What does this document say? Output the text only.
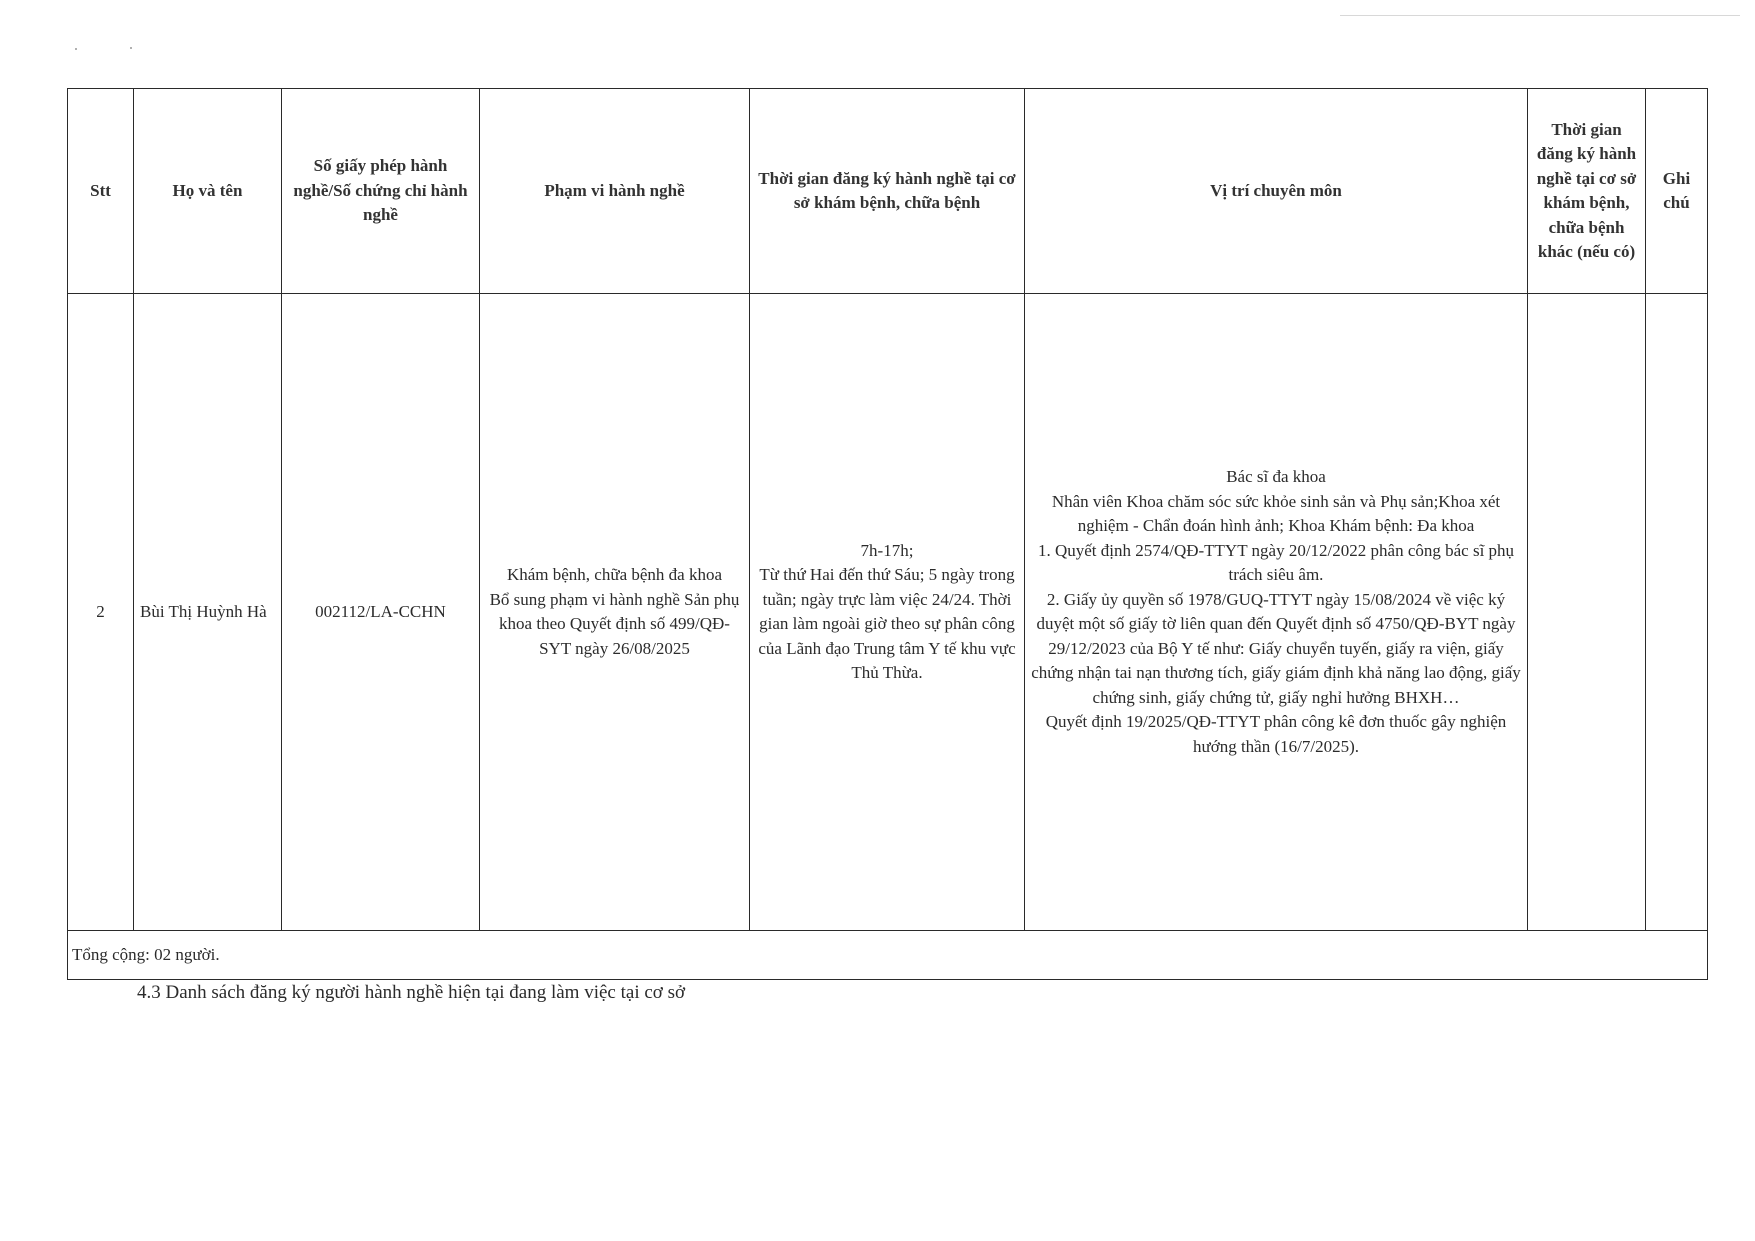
Stt	Họ và tên	Số giấy phép hành nghề/Số chứng chỉ hành nghề	Phạm vi hành nghề	Thời gian đăng ký hành nghề tại cơ sở khám bệnh, chữa bệnh	Vị trí chuyên môn	Thời gian đăng ký hành nghề tại cơ sở khám bệnh, chữa bệnh khác (nếu có)	Ghi chú
2	Bùi Thị Huỳnh Hà	002112/LA-CCHN	Khám bệnh, chữa bệnh đa khoa
Bổ sung phạm vi hành nghề Sản phụ khoa theo Quyết định số 499/QĐ-SYT ngày 26/08/2025	7h-17h;
Từ thứ Hai đến thứ Sáu; 5 ngày trong tuần; ngày trực làm việc 24/24. Thời gian làm ngoài giờ theo sự phân công của Lãnh đạo Trung tâm Y tế khu vực Thủ Thừa.	Bác sĩ đa khoa
Nhân viên Khoa chăm sóc sức khỏe sinh sản và Phụ sản;Khoa xét nghiệm - Chẩn đoán hình ảnh; Khoa Khám bệnh: Đa khoa
1. Quyết định 2574/QĐ-TTYT ngày 20/12/2022 phân công bác sĩ phụ trách siêu âm.
2. Giấy ủy quyền số 1978/GUQ-TTYT ngày 15/08/2024 về việc ký duyệt một số giấy tờ liên quan đến Quyết định số 4750/QĐ-BYT ngày 29/12/2023 của Bộ Y tế như: Giấy chuyển tuyến, giấy ra viện, giấy chứng nhận tai nạn thương tích, giấy giám định khả năng lao động, giấy chứng sinh, giấy chứng tử, giấy nghỉ hưởng BHXH…
Quyết định 19/2025/QĐ-TTYT phân công kê đơn thuốc gây nghiện hướng thần (16/7/2025).		
Tổng cộng: 02 người.							
4.3 Danh sách đăng ký người hành nghề hiện tại đang làm việc tại cơ sở
